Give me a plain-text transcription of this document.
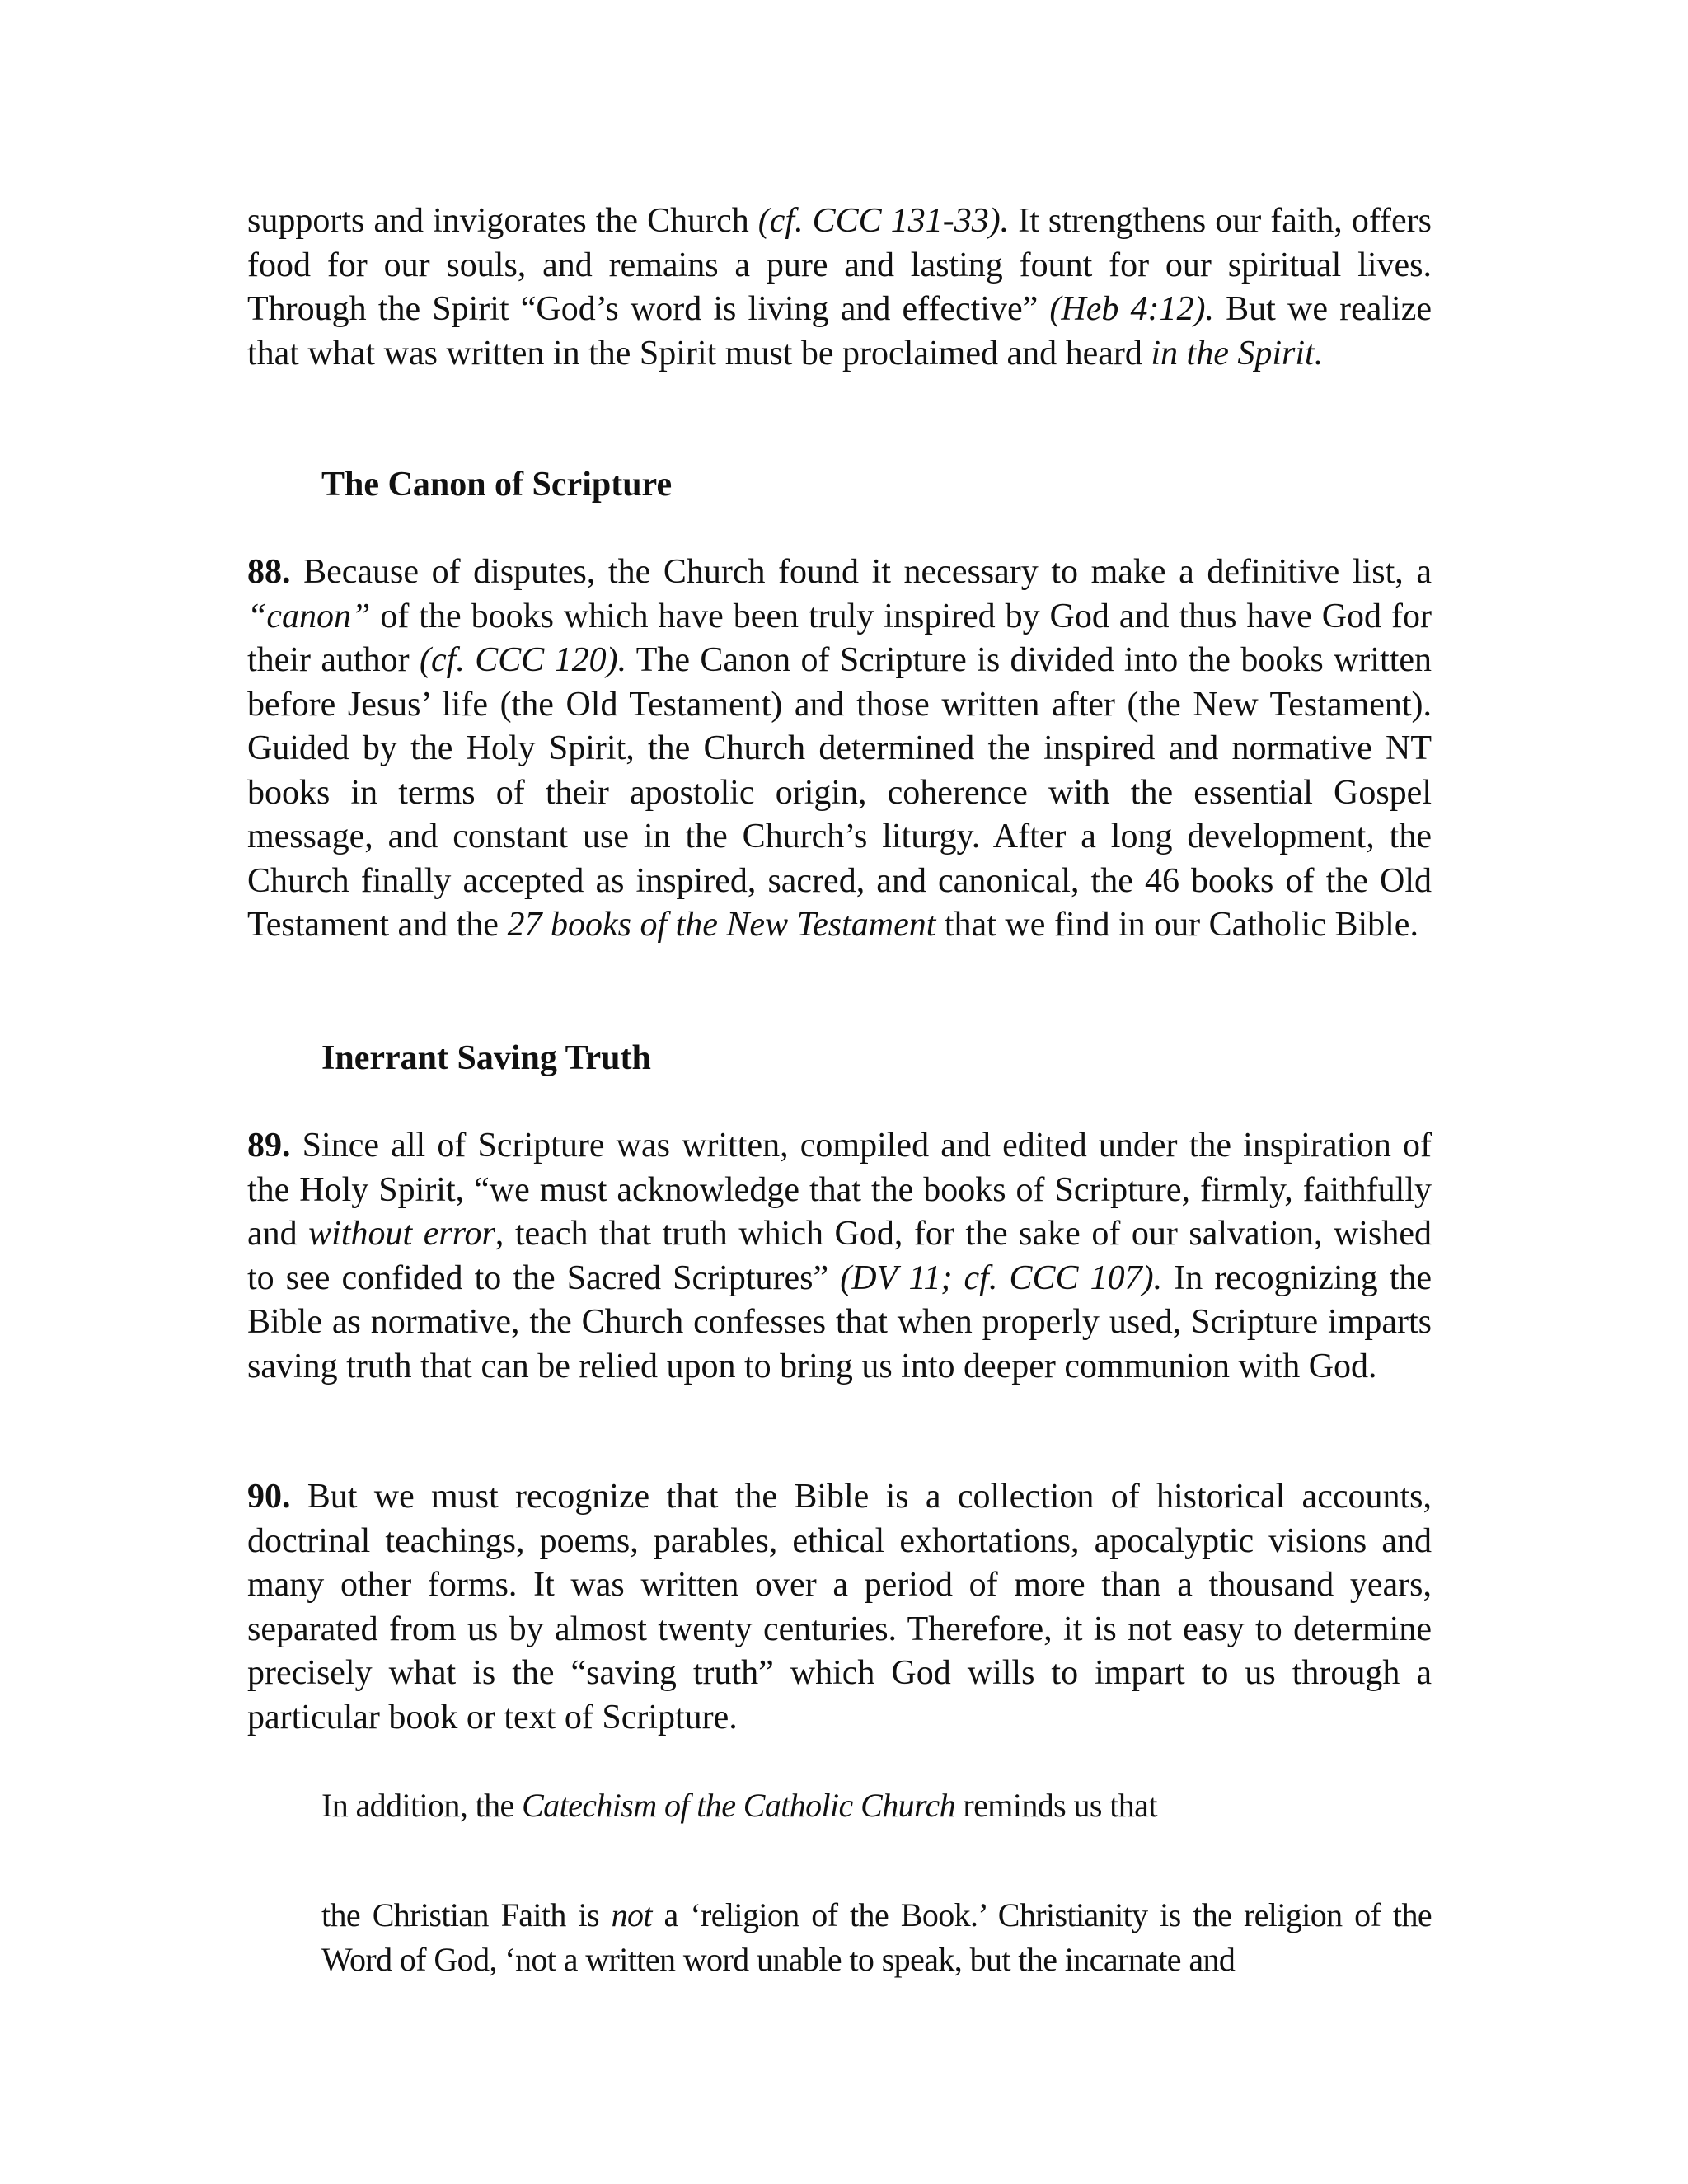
supports and invigorates the Church (cf. CCC 131-33). It strengthens our faith, offers food for our souls, and remains a pure and lasting fount for our spiritual lives. Through the Spirit “God’s word is living and effective” (Heb 4:12). But we realize that what was written in the Spirit must be proclaimed and heard in the Spirit.

The Canon of Scripture

88. Because of disputes, the Church found it necessary to make a definitive list, a “canon” of the books which have been truly inspired by God and thus have God for their author (cf. CCC 120). The Canon of Scripture is divided into the books written before Jesus’ life (the Old Testament) and those written after (the New Testament). Guided by the Holy Spirit, the Church determined the inspired and normative NT books in terms of their apostolic origin, coherence with the essential Gospel message, and constant use in the Church’s liturgy. After a long development, the Church finally accepted as inspired, sacred, and canonical, the 46 books of the Old Testament and the 27 books of the New Testament that we find in our Catholic Bible.

Inerrant Saving Truth

89. Since all of Scripture was written, compiled and edited under the inspiration of the Holy Spirit, “we must acknowledge that the books of Scripture, firmly, faithfully and without error, teach that truth which God, for the sake of our salvation, wished to see confided to the Sacred Scriptures” (DV 11; cf. CCC 107). In recognizing the Bible as normative, the Church confesses that when properly used, Scripture imparts saving truth that can be relied upon to bring us into deeper communion with God.

90. But we must recognize that the Bible is a collection of historical accounts, doctrinal teachings, poems, parables, ethical exhortations, apocalyptic visions and many other forms. It was written over a period of more than a thousand years, separated from us by almost twenty centuries. Therefore, it is not easy to determine precisely what is the “saving truth” which God wills to impart to us through a particular book or text of Scripture.

In addition, the Catechism of the Catholic Church reminds us that

the Christian Faith is not a ‘religion of the Book.’ Christianity is the religion of the Word of God, ‘not a written word unable to speak, but the incarnate and
